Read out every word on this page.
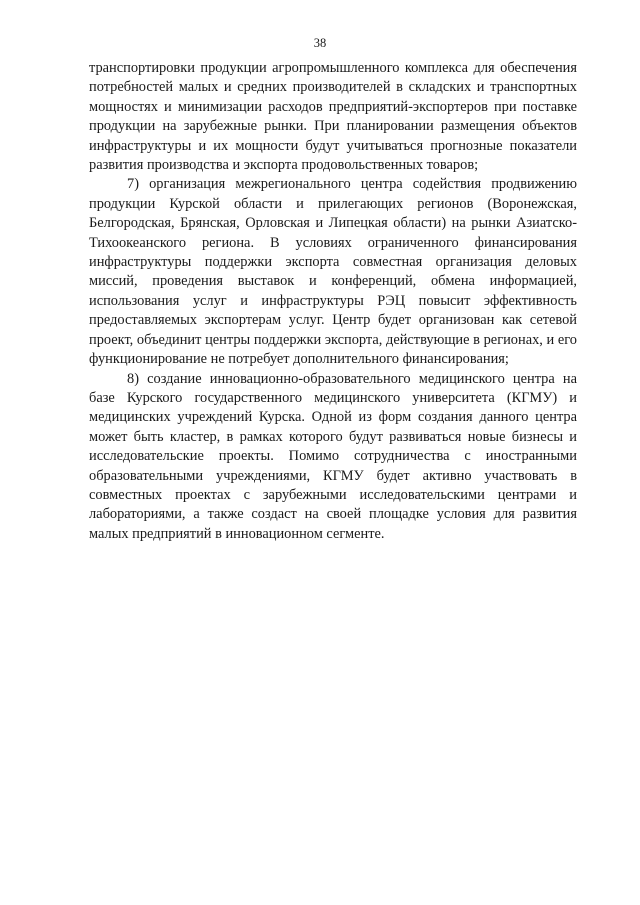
38

транспортировки продукции агропромышленного комплекса для обеспечения потребностей малых и средних производителей в складских и транспортных мощностях и минимизации расходов предприятий-экспортеров при поставке продукции на зарубежные рынки. При планировании размещения объектов инфраструктуры и их мощности будут учитываться прогнозные показатели развития производства и экспорта продовольственных товаров;

7) организация межрегионального центра содействия продвижению продукции Курской области и прилегающих регионов (Воронежская, Белгородская, Брянская, Орловская и Липецкая области) на рынки Азиатско-Тихоокеанского региона. В условиях ограниченного финансирования инфраструктуры поддержки экспорта совместная организация деловых миссий, проведения выставок и конференций, обмена информацией, использования услуг и инфраструктуры РЭЦ повысит эффективность предоставляемых экспортерам услуг. Центр будет организован как сетевой проект, объединит центры поддержки экспорта, действующие в регионах, и его функционирование не потребует дополнительного финансирования;

8) создание инновационно-образовательного медицинского центра на базе Курского государственного медицинского университета (КГМУ) и медицинских учреждений Курска. Одной из форм создания данного центра может быть кластер, в рамках которого будут развиваться новые бизнесы и исследовательские проекты. Помимо сотрудничества с иностранными образовательными учреждениями, КГМУ будет активно участвовать в совместных проектах с зарубежными исследовательскими центрами и лабораториями, а также создаст на своей площадке условия для развития малых предприятий в инновационном сегменте.
